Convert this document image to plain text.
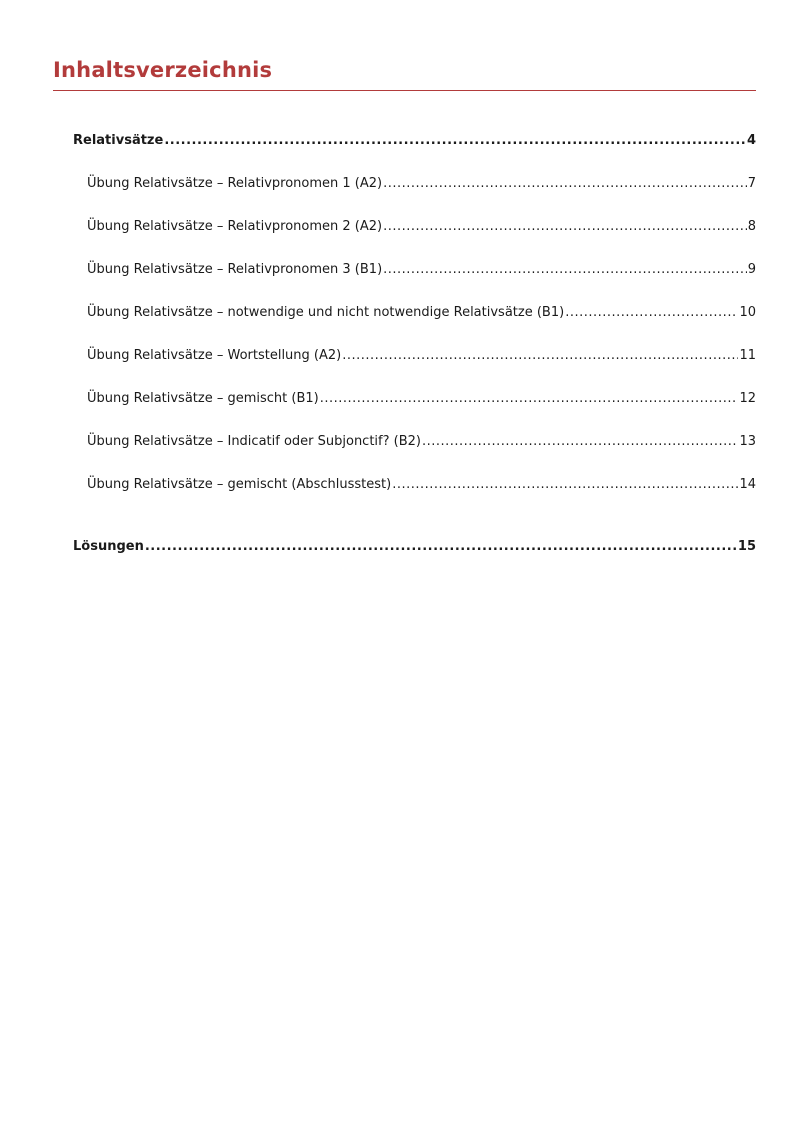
Inhaltsverzeichnis
Relativsätze .....	4
Übung Relativsätze – Relativpronomen 1 (A2) .....	7
Übung Relativsätze – Relativpronomen 2 (A2) .....	8
Übung Relativsätze – Relativpronomen 3 (B1) .....	9
Übung Relativsätze – notwendige und nicht notwendige Relativsätze (B1) .....	10
Übung Relativsätze – Wortstellung (A2) .....	11
Übung Relativsätze – gemischt (B1) .....	12
Übung Relativsätze – Indicatif oder Subjonctif? (B2) .....	13
Übung Relativsätze – gemischt (Abschlusstest) .....	14
Lösungen .....	15
